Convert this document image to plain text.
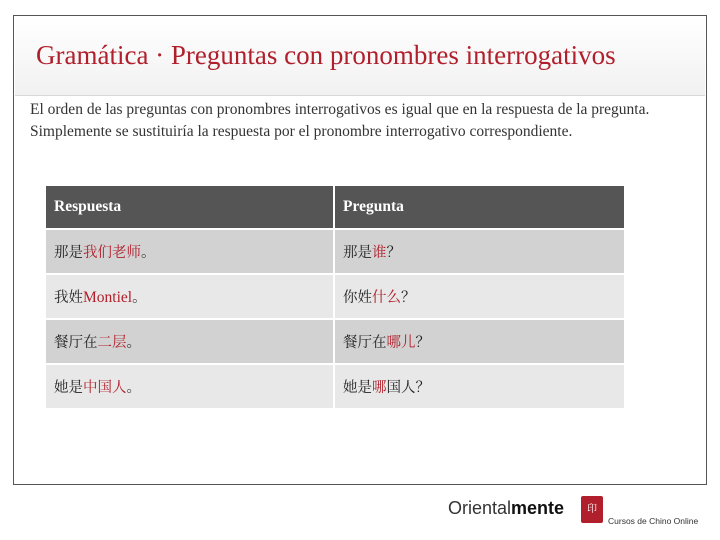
Gramática · Preguntas con pronombres interrogativos
El orden de las preguntas con pronombres interrogativos es igual que en la respuesta de la pregunta. Simplemente se sustituiría la respuesta por el pronombre interrogativo correspondiente.
Respuesta	Pregunta
那是我们老师。	那是谁？
我姓Montiel。	你姓什么？
餐厅在二层。	餐厅在哪儿？
她是中国人。	她是哪国人？
Orientalmente	印
Cursos de Chino Online
